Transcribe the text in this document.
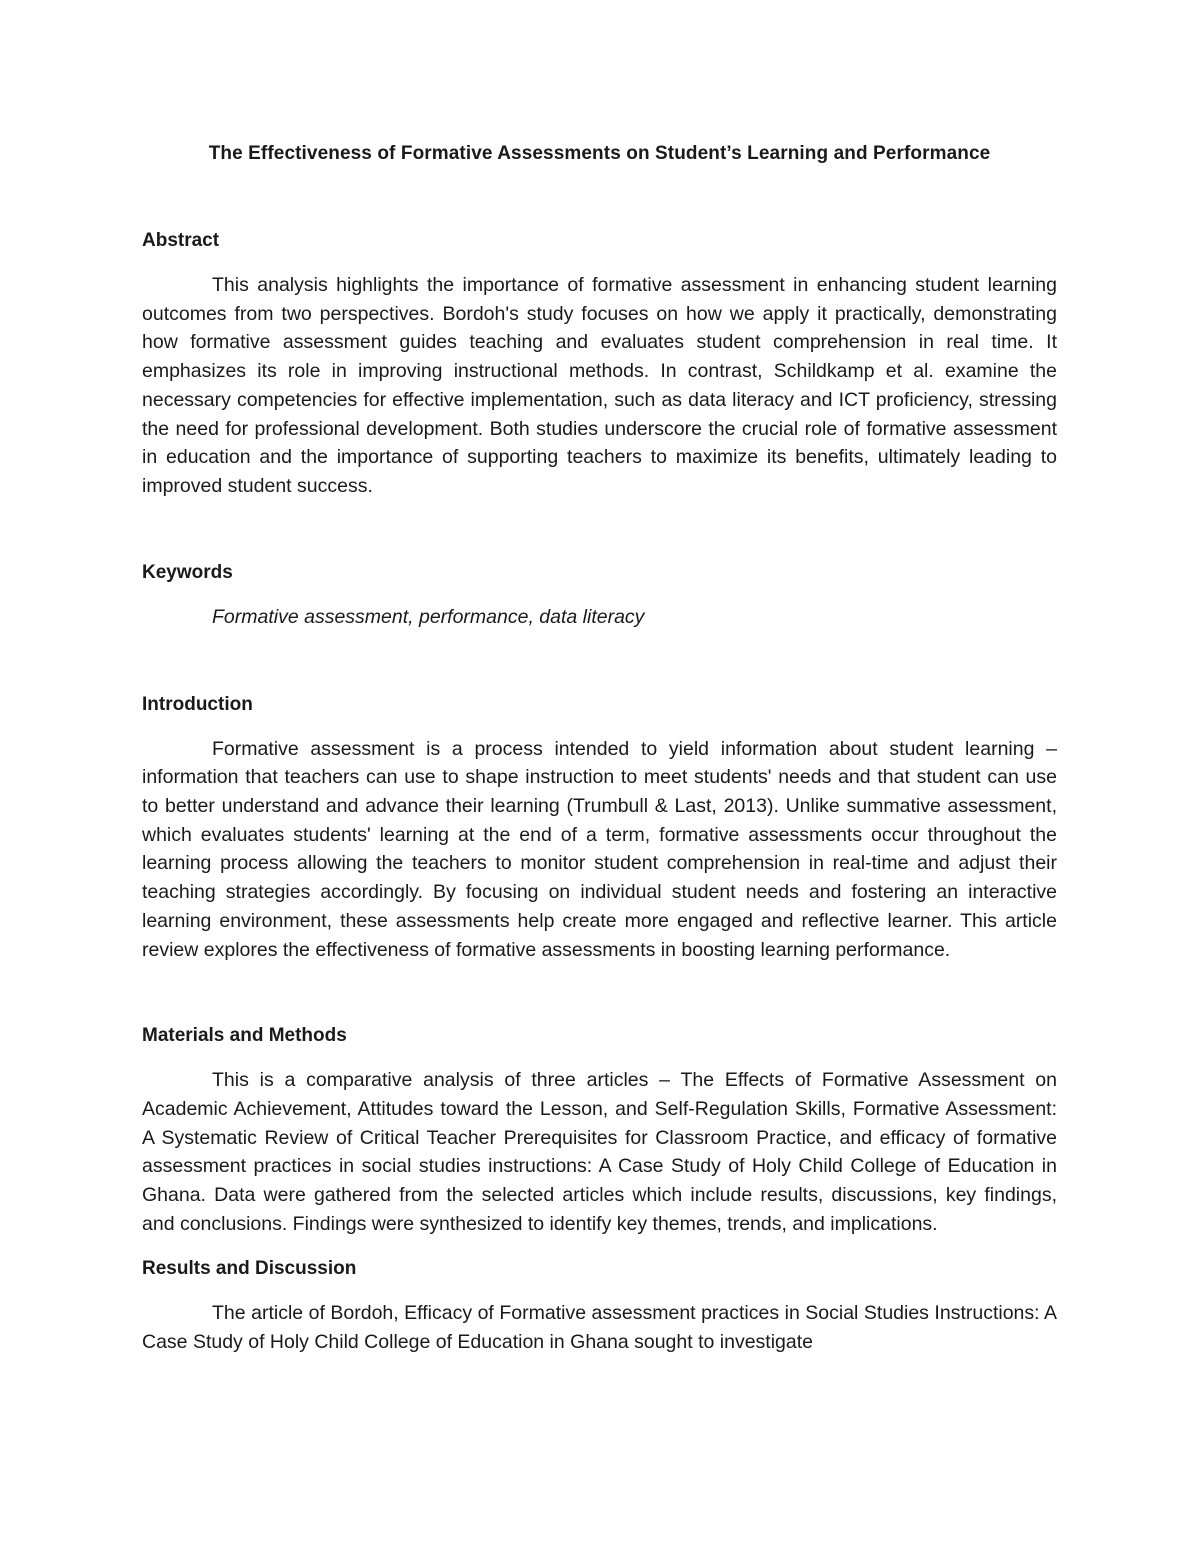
The Effectiveness of Formative Assessments on Student’s Learning and Performance
Abstract

This analysis highlights the importance of formative assessment in enhancing student learning outcomes from two perspectives. Bordoh's study focuses on how we apply it practically, demonstrating how formative assessment guides teaching and evaluates student comprehension in real time. It emphasizes its role in improving instructional methods. In contrast, Schildkamp et al. examine the necessary competencies for effective implementation, such as data literacy and ICT proficiency, stressing the need for professional development. Both studies underscore the crucial role of formative assessment in education and the importance of supporting teachers to maximize its benefits, ultimately leading to improved student success.

Keywords

Formative assessment, performance, data literacy

Introduction

Formative assessment is a process intended to yield information about student learning – information that teachers can use to shape instruction to meet students' needs and that student can use to better understand and advance their learning (Trumbull & Last, 2013). Unlike summative assessment, which evaluates students' learning at the end of a term, formative assessments occur throughout the learning process allowing the teachers to monitor student comprehension in real-time and adjust their teaching strategies accordingly. By focusing on individual student needs and fostering an interactive learning environment, these assessments help create more engaged and reflective learner. This article review explores the effectiveness of formative assessments in boosting learning performance.

Materials and Methods

This is a comparative analysis of three articles – The Effects of Formative Assessment on Academic Achievement, Attitudes toward the Lesson, and Self-Regulation Skills, Formative Assessment: A Systematic Review of Critical Teacher Prerequisites for Classroom Practice, and efficacy of formative assessment practices in social studies instructions: A Case Study of Holy Child College of Education in Ghana. Data were gathered from the selected articles which include results, discussions, key findings, and conclusions. Findings were synthesized to identify key themes, trends, and implications.

Results and Discussion

The article of Bordoh, Efficacy of Formative assessment practices in Social Studies Instructions: A Case Study of Holy Child College of Education in Ghana sought to investigate
